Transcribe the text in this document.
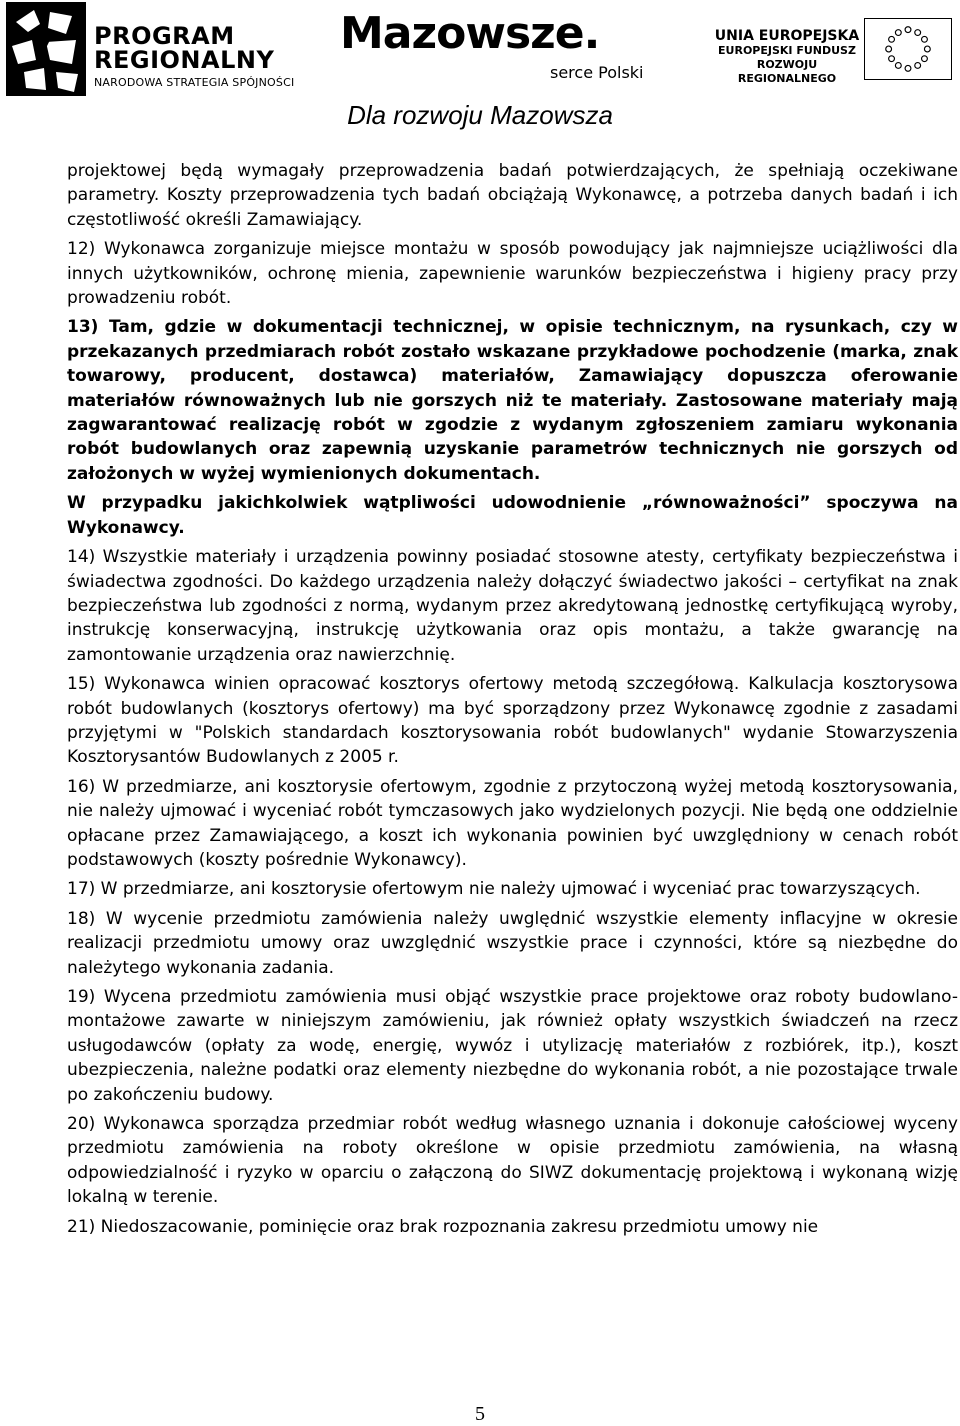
PROGRAM
REGIONALNY
NARODOWA STRATEGIA SPÓJNOŚCI
Mazowsze.
serce Polski
UNIA EUROPEJSKA
EUROPEJSKI FUNDUSZ
ROZWOJU REGIONALNEGO
Dla rozwoju Mazowsza

projektowej będą wymagały przeprowadzenia badań potwierdzających, że spełniają oczekiwane parametry. Koszty przeprowadzenia tych badań obciążają Wykonawcę, a potrzeba danych badań i ich częstotliwość określi Zamawiający.

12) Wykonawca zorganizuje miejsce montażu w sposób powodujący jak najmniejsze uciążliwości dla innych użytkowników, ochronę mienia, zapewnienie warunków bezpieczeństwa i higieny pracy przy prowadzeniu robót.

13) Tam, gdzie w dokumentacji technicznej, w opisie technicznym, na rysunkach, czy w przekazanych przedmiarach robót zostało wskazane przykładowe pochodzenie (marka, znak towarowy, producent, dostawca) materiałów, Zamawiający dopuszcza oferowanie materiałów równoważnych lub nie gorszych niż te materiały. Zastosowane materiały mają zagwarantować realizację robót w zgodzie z wydanym zgłoszeniem zamiaru wykonania robót budowlanych oraz zapewnią uzyskanie parametrów technicznych nie gorszych od założonych w wyżej wymienionych dokumentach.

W przypadku jakichkolwiek wątpliwości udowodnienie „równoważności” spoczywa na Wykonawcy.

14) Wszystkie materiały i urządzenia powinny posiadać stosowne atesty, certyfikaty bezpieczeństwa i świadectwa zgodności. Do każdego urządzenia należy dołączyć świadectwo jakości – certyfikat na znak bezpieczeństwa lub zgodności z normą, wydanym przez akredytowaną jednostkę certyfikującą wyroby, instrukcję konserwacyjną, instrukcję użytkowania oraz opis montażu, a także gwarancję na zamontowanie urządzenia oraz nawierzchnię.

15) Wykonawca winien opracować kosztorys ofertowy metodą szczegółową. Kalkulacja kosztorysowa robót budowlanych (kosztorys ofertowy) ma być sporządzony przez Wykonawcę zgodnie z zasadami przyjętymi w "Polskich standardach kosztorysowania robót budowlanych" wydanie Stowarzyszenia Kosztorysantów Budowlanych z 2005 r.

16) W przedmiarze, ani kosztorysie ofertowym, zgodnie z przytoczoną wyżej metodą kosztorysowania, nie należy ujmować i wyceniać robót tymczasowych jako wydzielonych pozycji. Nie będą one oddzielnie opłacane przez Zamawiającego, a koszt ich wykonania powinien być uwzględniony w cenach robót podstawowych (koszty pośrednie Wykonawcy).

17) W przedmiarze, ani kosztorysie ofertowym nie należy ujmować i wyceniać prac towarzyszących.

18) W wycenie przedmiotu zamówienia należy uwględnić wszystkie elementy inflacyjne w okresie realizacji przedmiotu umowy oraz uwzględnić wszystkie prace i czynności, które są niezbędne do należytego wykonania zadania.

19) Wycena przedmiotu zamówienia musi objąć wszystkie prace projektowe oraz roboty budowlano-montażowe zawarte w niniejszym zamówieniu, jak również opłaty wszystkich świadczeń na rzecz usługodawców (opłaty za wodę, energię, wywóz i utylizację materiałów z rozbiórek, itp.), koszt ubezpieczenia, należne podatki oraz elementy niezbędne do wykonania robót, a nie pozostające trwale po zakończeniu budowy.

20) Wykonawca sporządza przedmiar robót według własnego uznania i dokonuje całościowej wyceny przedmiotu zamówienia na roboty określone w opisie przedmiotu zamówienia, na własną odpowiedzialność i ryzyko w oparciu o załączoną do SIWZ dokumentację projektową i wykonaną wizję lokalną w terenie.

21) Niedoszacowanie, pominięcie oraz brak rozpoznania zakresu przedmiotu umowy nie

5
